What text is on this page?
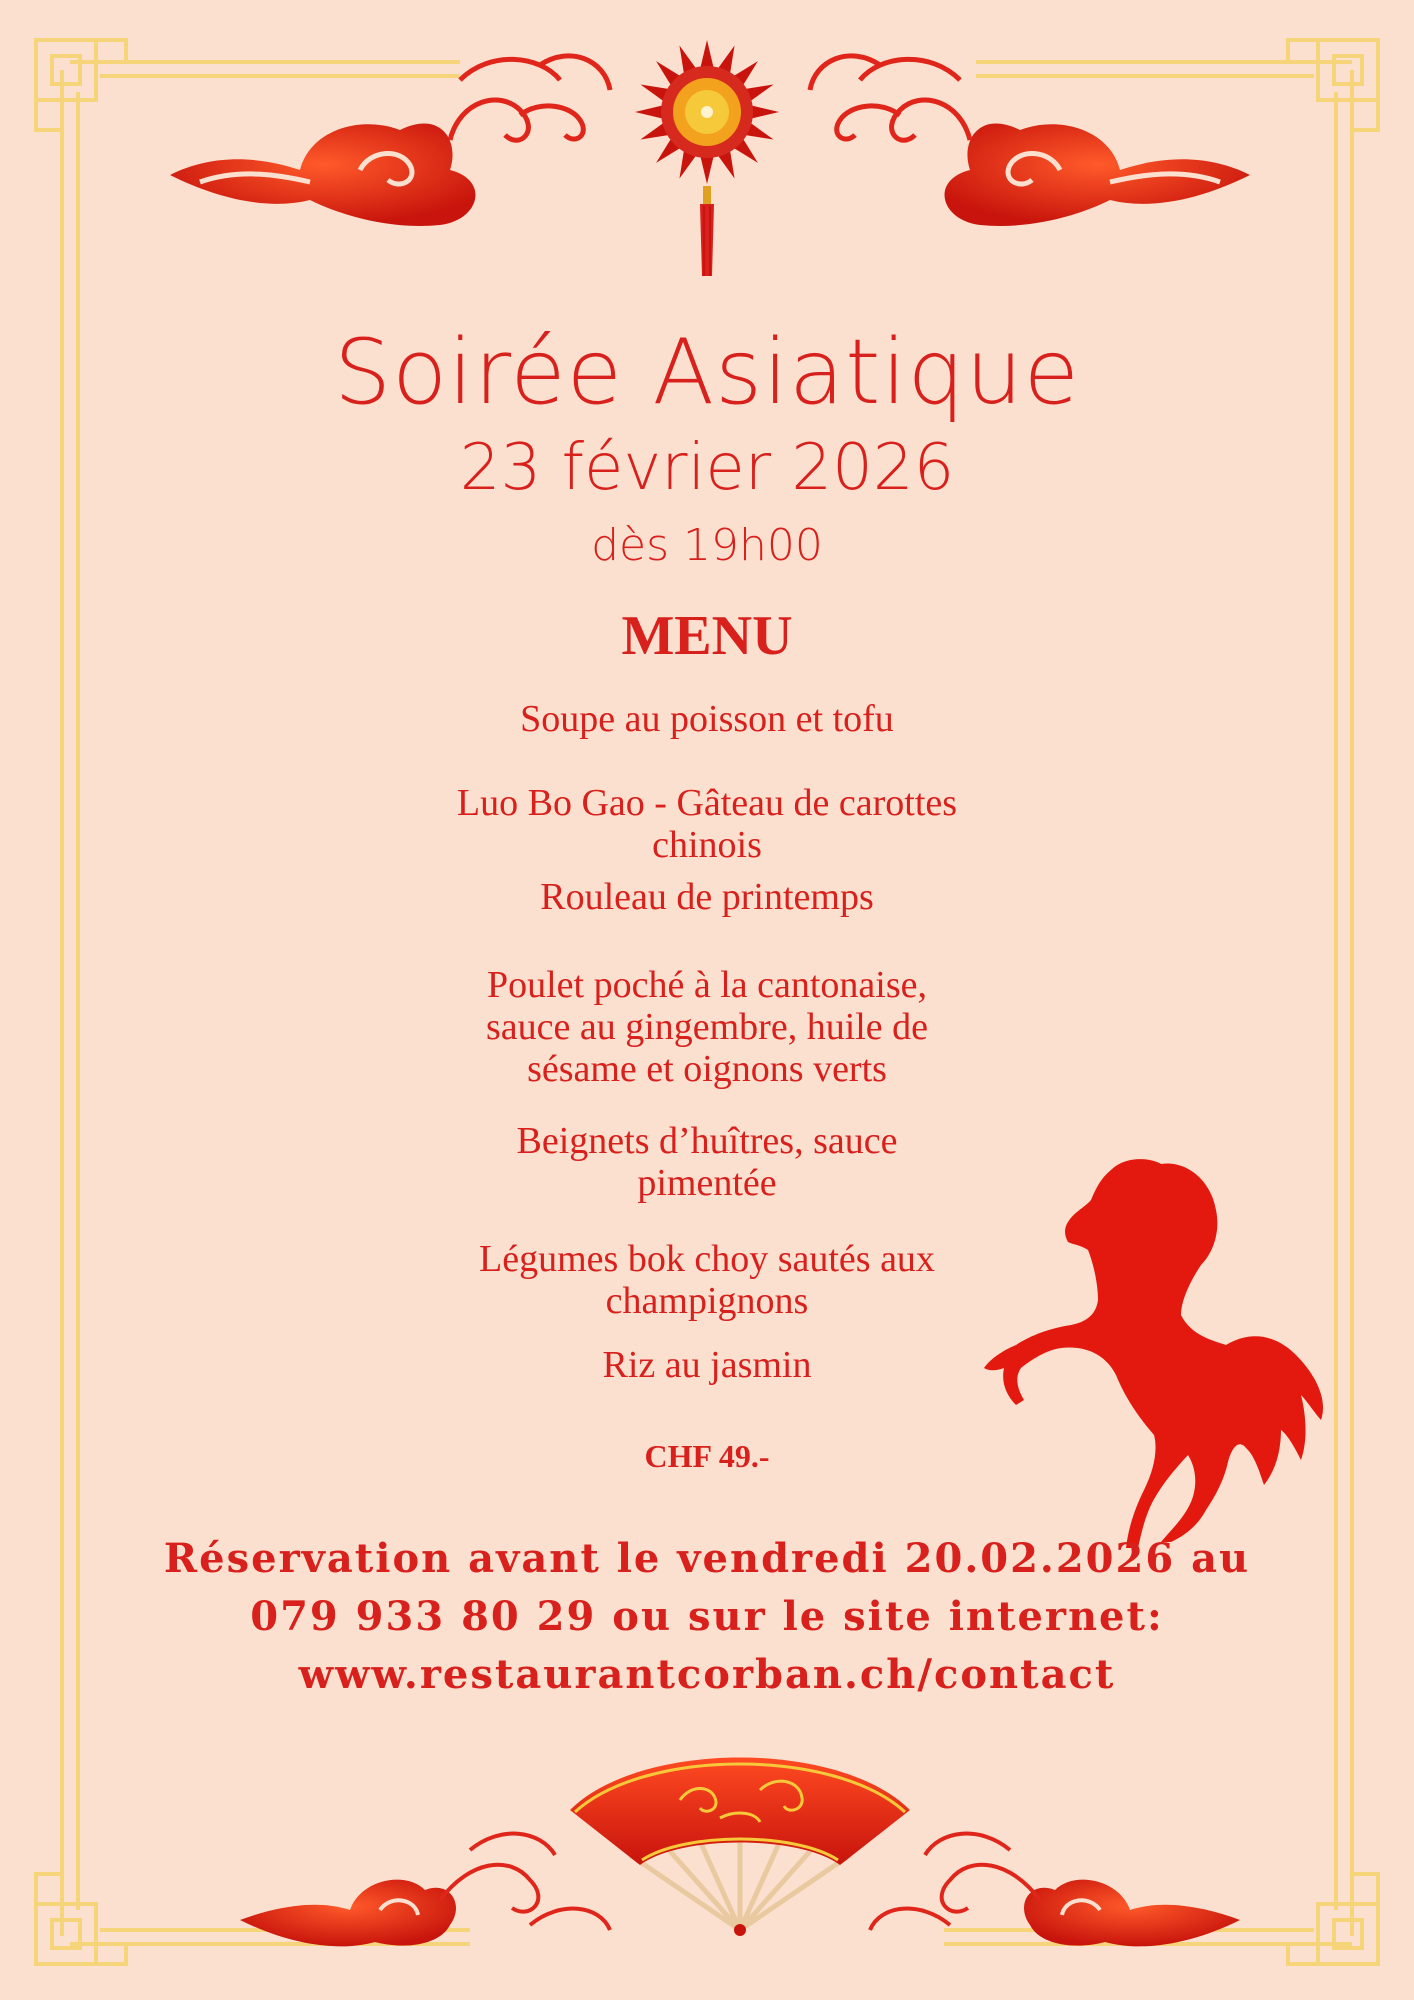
Soirée Asiatique
23 février 2026
dès 19h00
MENU
Soupe au poisson et tofu
Luo Bo Gao - Gâteau de carottes
chinois
Rouleau de printemps
Poulet poché à la cantonaise,
sauce au gingembre, huile de
sésame et oignons verts
Beignets d’huîtres, sauce
pimentée
Légumes bok choy sautés aux
champignons
Riz au jasmin
CHF 49.-
Réservation avant le vendredi 20.02.2026 au
079 933 80 29 ou sur le site internet:
www.restaurantcorban.ch/contact
